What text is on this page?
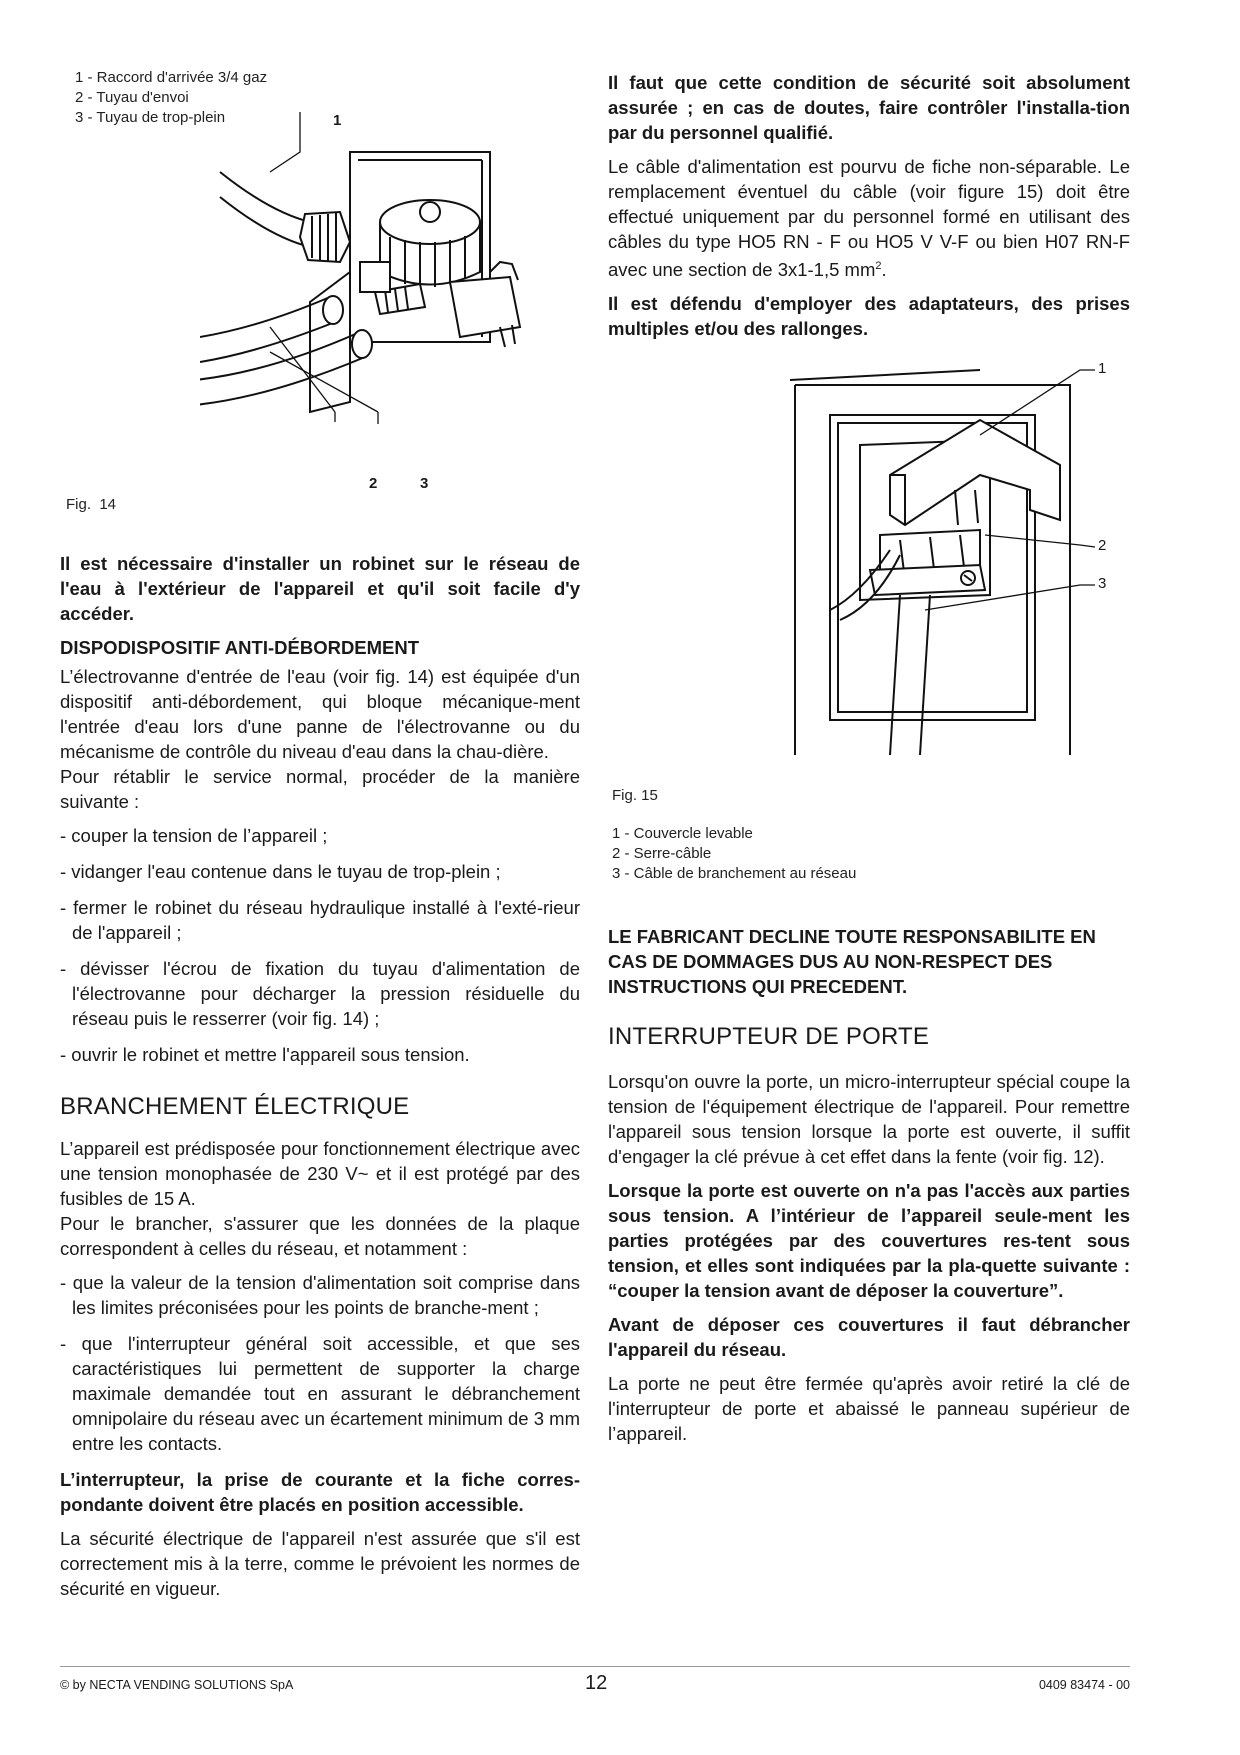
1 - Raccord d'arrivée 3/4 gaz
2 - Tuyau d'envoi
3 - Tuyau de trop-plein	1
2	3
Fig.  14

Il est nécessaire d'installer un robinet sur le réseau de l'eau à l'extérieur de l'appareil et qu'il soit facile d'y accéder.

DISPODISPOSITIF ANTI-DÉBORDEMENT

L’électrovanne d'entrée de l'eau (voir fig. 14) est équipée d'un dispositif anti-débordement, qui bloque mécanique-ment l'entrée d'eau lors d'une panne de l'électrovanne ou du mécanisme de contrôle du niveau d'eau dans la chau-dière.

Pour rétablir le service normal, procéder de la manière suivante :

- couper la tension de l’appareil ;

- vidanger l'eau contenue dans le tuyau de trop-plein ;

- fermer le robinet du réseau hydraulique installé à l'exté-rieur de l'appareil ;

- dévisser l'écrou de fixation du tuyau d'alimentation de l'électrovanne pour décharger la pression résiduelle du réseau puis le resserrer (voir fig. 14) ;

- ouvrir le robinet et mettre l'appareil sous tension.

BRANCHEMENT ÉLECTRIQUE

L’appareil est prédisposée pour fonctionnement électrique avec une tension monophasée de 230 V~ et il est protégé par des fusibles de 15 A.

Pour le brancher, s'assurer que les données de la plaque correspondent à celles du réseau, et notamment :

- que la valeur de la tension d'alimentation soit comprise dans les limites préconisées pour les points de branche-ment ;

- que l'interrupteur général soit accessible, et que ses caractéristiques lui permettent de supporter la charge maximale demandée tout en assurant le débranchement omnipolaire du réseau avec un écartement minimum de 3 mm entre les contacts.

L’interrupteur, la prise de courante et la fiche corres-pondante doivent être placés en position accessible.

La sécurité électrique de l'appareil n'est assurée que s'il est correctement mis à la terre, comme le prévoient les normes de sécurité en vigueur.

Il faut que cette condition de sécurité soit absolument assurée ; en cas de doutes, faire contrôler l'installa-tion par du personnel qualifié.

Le câble d'alimentation est pourvu de fiche non-séparable. Le remplacement éventuel du câble (voir figure 15) doit être effectué uniquement par du personnel formé en utilisant des câbles du type HO5 RN - F ou HO5 V V-F ou bien H07 RN-F avec une section de 3x1-1,5 $mm^2$.

Il est défendu d'employer des adaptateurs, des prises multiples et/ou des rallonges.

1
2
3
Fig. 15
1 - Couvercle levable
2 - Serre-câble
3 - Câble de branchement au réseau

LE FABRICANT DECLINE TOUTE RESPONSABILITE EN CAS DE DOMMAGES DUS AU NON-RESPECT DES INSTRUCTIONS QUI PRECEDENT.

INTERRUPTEUR DE PORTE

Lorsqu'on ouvre la porte, un micro-interrupteur spécial coupe la tension de l'équipement électrique de l'appareil. Pour remettre l'appareil sous tension lorsque la porte est ouverte, il suffit d'engager la clé prévue à cet effet dans la fente (voir fig. 12).

Lorsque la porte est ouverte on n'a pas l'accès aux parties sous tension. A l’intérieur de l’appareil seule-ment les parties protégées par des couvertures res-tent sous tension, et elles sont indiquées par la pla-quette suivante : “couper la tension avant de déposer la couverture”.

Avant de déposer ces couvertures il faut débrancher l'appareil du réseau.

La porte ne peut être fermée qu'après avoir retiré la clé de l'interrupteur de porte et abaissé le panneau supérieur de l’appareil.

© by NECTA VENDING SOLUTIONS SpA	12	0409 83474 - 00
